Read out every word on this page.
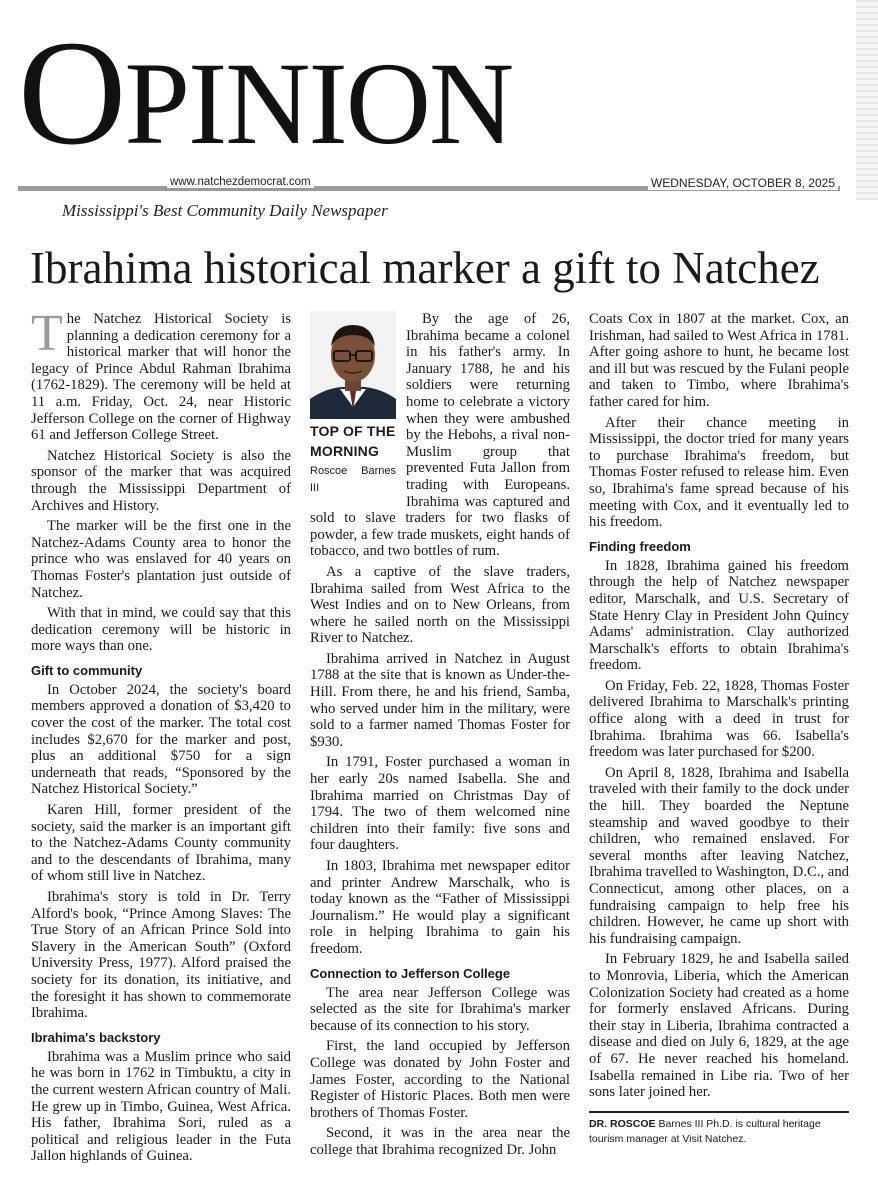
OPINION
www.natchezdemocrat.com	WEDNESDAY, OCTOBER 8, 2025
Mississippi's Best Community Daily Newspaper
Ibrahima historical marker a gift to Natchez

The Natchez Historical Society is planning a dedication ceremony for a historical marker that will honor the legacy of Prince Abdul Rahman Ibrahima (1762-1829). The ceremony will be held at 11 a.m. Friday, Oct. 24, near Historic Jefferson College on the corner of Highway 61 and Jefferson College Street.

Natchez Historical Society is also the sponsor of the marker that was acquired through the Mississippi Department of Archives and History.

The marker will be the first one in the Natchez-Adams County area to honor the prince who was enslaved for 40 years on Thomas Foster's plantation just outside of Natchez.

With that in mind, we could say that this dedication ceremony will be historic in more ways than one.

Gift to community

In October 2024, the society's board members approved a donation of $3,420 to cover the cost of the marker. The total cost includes $2,670 for the marker and post, plus an additional $750 for a sign underneath that reads, “Sponsored by the Natchez Historical Society.”

Karen Hill, former president of the society, said the marker is an important gift to the Natchez-Adams County community and to the descendants of Ibrahima, many of whom still live in Natchez.

Ibrahima's story is told in Dr. Terry Alford's book, “Prince Among Slaves: The True Story of an African Prince Sold into Slavery in the American South” (Oxford University Press, 1977). Alford praised the society for its donation, its initiative, and the foresight it has shown to commemorate Ibrahima.

Ibrahima's backstory

Ibrahima was a Muslim prince who said he was born in 1762 in Timbuktu, a city in the current western African country of Mali. He grew up in Timbo, Guinea, West Africa. His father, Ibrahima Sori, ruled as a political and religious leader in the Futa Jallon highlands of Guinea.

TOP OF THE
MORNING
Roscoe Barnes III

By the age of 26, Ibrahima became a colonel in his father's army. In January 1788, he and his soldiers were returning home to celebrate a victory when they were ambushed by the Hebohs, a rival non-Muslim group that prevented Futa Jallon from trading with Europeans. Ibrahima was captured and sold to slave traders for two flasks of powder, a few trade muskets, eight hands of tobacco, and two bottles of rum.

As a captive of the slave traders, Ibrahima sailed from West Africa to the West Indies and on to New Orleans, from where he sailed north on the Mississippi River to Natchez.

Ibrahima arrived in Natchez in August 1788 at the site that is known as Under-the-Hill. From there, he and his friend, Samba, who served under him in the military, were sold to a farmer named Thomas Foster for $930.

In 1791, Foster purchased a woman in her early 20s named Isabella. She and Ibrahima married on Christmas Day of 1794. The two of them welcomed nine children into their family: five sons and four daughters.

In 1803, Ibrahima met newspaper editor and printer Andrew Marschalk, who is today known as the “Father of Mississippi Journalism.” He would play a significant role in helping Ibrahima to gain his freedom.

Connection to Jefferson College

The area near Jefferson College was selected as the site for Ibrahima's marker because of its connection to his story.

First, the land occupied by Jefferson College was donated by John Foster and James Foster, according to the National Register of Historic Places. Both men were brothers of Thomas Foster.

Second, it was in the area near the college that Ibrahima recognized Dr. John

Coats Cox in 1807 at the market. Cox, an Irishman, had sailed to West Africa in 1781. After going ashore to hunt, he became lost and ill but was rescued by the Fulani people and taken to Timbo, where Ibrahima's father cared for him.

After their chance meeting in Mississippi, the doctor tried for many years to purchase Ibrahima's freedom, but Thomas Foster refused to release him. Even so, Ibrahima's fame spread because of his meeting with Cox, and it eventually led to his freedom.

Finding freedom

In 1828, Ibrahima gained his freedom through the help of Natchez newspaper editor, Marschalk, and U.S. Secretary of State Henry Clay in President John Quincy Adams' administration. Clay authorized Marschalk's efforts to obtain Ibrahima's freedom.

On Friday, Feb. 22, 1828, Thomas Foster delivered Ibrahima to Marschalk's printing office along with a deed in trust for Ibrahima. Ibrahima was 66. Isabella's freedom was later purchased for $200.

On April 8, 1828, Ibrahima and Isabella traveled with their family to the dock under the hill. They boarded the Neptune steamship and waved goodbye to their children, who remained enslaved. For several months after leaving Natchez, Ibrahima travelled to Washington, D.C., and Connecticut, among other places, on a fundraising campaign to help free his children. However, he came up short with his fundraising campaign.

In February 1829, he and Isabella sailed to Monrovia, Liberia, which the American Colonization Society had created as a home for formerly enslaved Africans. During their stay in Liberia, Ibrahima contracted a disease and died on July 6, 1829, at the age of 67. He never reached his homeland. Isabella remained in Libe ria. Two of her sons later joined her.

DR. ROSCOE Barnes III Ph.D. is cultural heritage tourism manager at Visit Natchez.
